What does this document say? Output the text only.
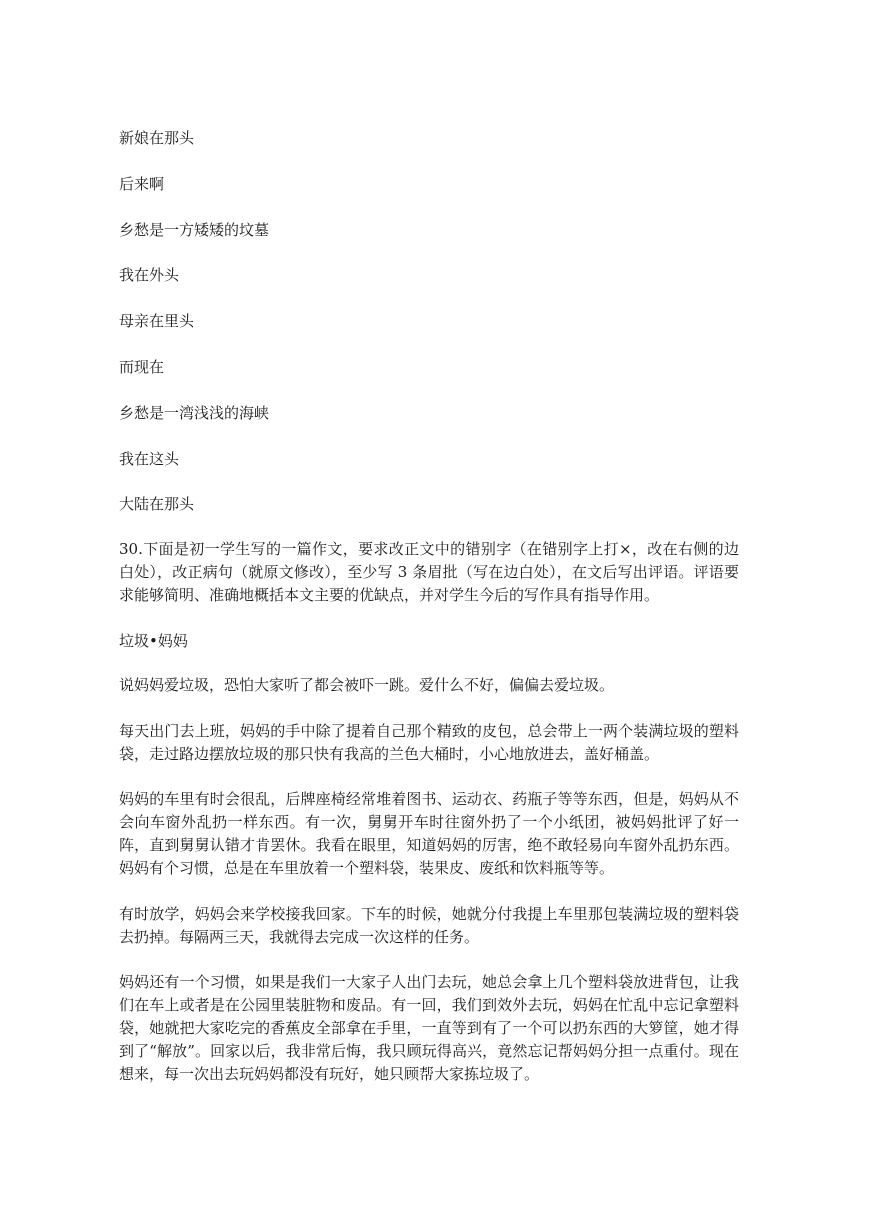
新娘在那头
后来啊
乡愁是一方矮矮的坟墓
我在外头
母亲在里头
而现在
乡愁是一湾浅浅的海峡
我在这头
大陆在那头
30.下面是初一学生写的一篇作文，要求改正文中的错别字（在错别字上打×，改在右侧的边白处），改正病句（就原文修改），至少写 3 条眉批（写在边白处），在文后写出评语。评语要求能够简明、准确地概括本文主要的优缺点，并对学生今后的写作具有指导作用。
垃圾•妈妈
说妈妈爱垃圾，恐怕大家听了都会被吓一跳。爱什么不好，偏偏去爱垃圾。
每天出门去上班，妈妈的手中除了提着自己那个精致的皮包，总会带上一两个装满垃圾的塑料袋，走过路边摆放垃圾的那只快有我高的兰色大桶时，小心地放进去，盖好桶盖。
妈妈的车里有时会很乱，后牌座椅经常堆着图书、运动衣、药瓶子等等东西，但是，妈妈从不会向车窗外乱扔一样东西。有一次，舅舅开车时往窗外扔了一个小纸团，被妈妈批评了好一阵，直到舅舅认错才肯罢休。我看在眼里，知道妈妈的厉害，绝不敢轻易向车窗外乱扔东西。妈妈有个习惯，总是在车里放着一个塑料袋，装果皮、废纸和饮料瓶等等。
有时放学，妈妈会来学校接我回家。下车的时候，她就分付我提上车里那包装满垃圾的塑料袋去扔掉。每隔两三天，我就得去完成一次这样的任务。
妈妈还有一个习惯，如果是我们一大家子人出门去玩，她总会拿上几个塑料袋放进背包，让我们在车上或者是在公园里装脏物和废品。有一回，我们到效外去玩，妈妈在忙乱中忘记拿塑料袋，她就把大家吃完的香蕉皮全部拿在手里，一直等到有了一个可以扔东西的大箩筐，她才得到了“解放”。回家以后，我非常后悔，我只顾玩得高兴，竟然忘记帮妈妈分担一点重付。现在想来，每一次出去玩妈妈都没有玩好，她只顾帮大家拣垃圾了。
